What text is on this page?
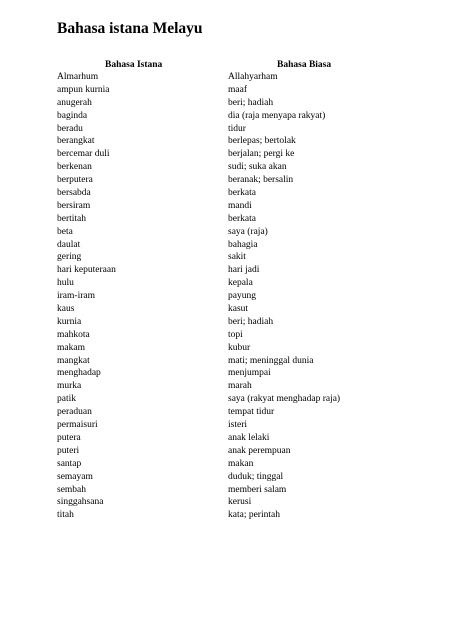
Bahasa istana Melayu
Bahasa Istana	Bahasa Biasa
Almarhum	Allahyarham
ampun kurnia	maaf
anugerah	beri; hadiah
baginda	dia (raja menyapa rakyat)
beradu	tidur
berangkat	berlepas; bertolak
bercemar duli	berjalan; pergi ke
berkenan	sudi; suka akan
berputera	beranak; bersalin
bersabda	berkata
bersiram	mandi
bertitah	berkata
beta	saya (raja)
daulat	bahagia
gering	sakit
hari keputeraan	hari jadi
hulu	kepala
iram-iram	payung
kaus	kasut
kurnia	beri; hadiah
mahkota	topi
makam	kubur
mangkat	mati; meninggal dunia
menghadap	menjumpai
murka	marah
patik	saya (rakyat menghadap raja)
peraduan	tempat tidur
permaisuri	isteri
putera	anak lelaki
puteri	anak perempuan
santap	makan
semayam	duduk; tinggal
sembah	memberi salam
singgahsana	kerusi
titah	kata; perintah
